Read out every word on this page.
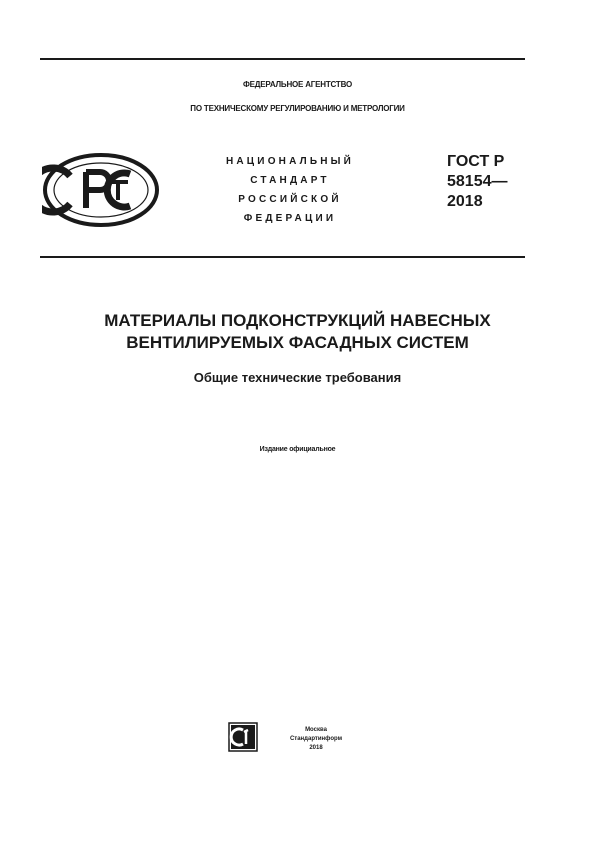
ФЕДЕРАЛЬНОЕ АГЕНТСТВО
ПО ТЕХНИЧЕСКОМУ РЕГУЛИРОВАНИЮ И МЕТРОЛОГИИ
НАЦИОНАЛЬНЫЙ
СТАНДАРТ
РОССИЙСКОЙ
ФЕДЕРАЦИИ
ГОСТ Р
58154—
2018
МАТЕРИАЛЫ ПОДКОНСТРУКЦИЙ НАВЕСНЫХ
ВЕНТИЛИРУЕМЫХ ФАСАДНЫХ СИСТЕМ
Общие технические требования
Издание официальное
Москва
Стандартинформ
2018
